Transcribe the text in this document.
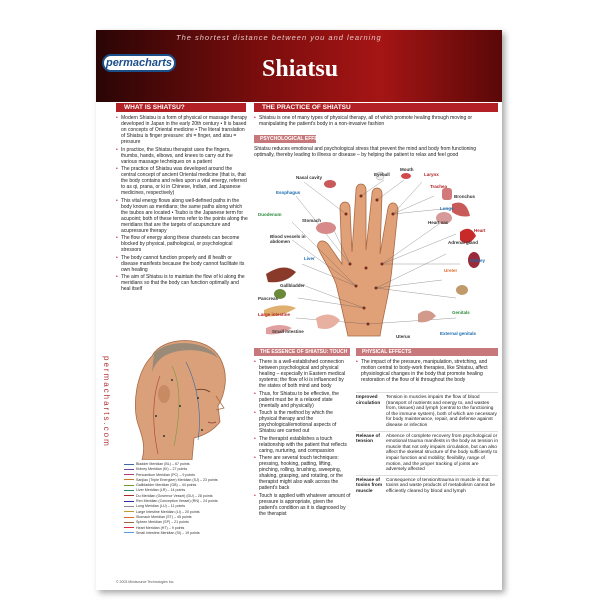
The shortest distance between you and learning
permacharts	Shiatsu
permacharts.com
WHAT IS SHIATSU?
• Modern Shiatsu is a form of physical or massage therapy developed in Japan in the early 20th century • It is based on concepts of Oriental medicine • The literal translation of Shiatsu is finger pressure: shi = finger, and atsu = pressure
• In practice, the Shiatsu therapist uses the fingers, thumbs, hands, elbows, and knees to carry out the various massage techniques on a patient
• The practice of Shiatsu was developed around the central concept of ancient Oriental medicine (that is, that the body contains and relies upon a vital energy, referred to as qi, prana, or ki in Chinese, Indian, and Japanese medicines, respectively)
• This vital energy flows along well-defined paths in the body known as meridians; the same paths along which the tsubos are located • Tsubo is the Japanese term for acupoint; both of these terms refer to the points along the meridians that are the targets of acupuncture and acupressure therapy
• The flow of energy along these channels can become blocked by physical, pathological, or psychological stressors
• The body cannot function properly and ill health or disease manifests because the body cannot facilitate its own healing
• The aim of Shiatsu is to maintain the flow of ki along the meridians so that the body can function optimally and heal itself
Bladder Meridian (BL) – 67 points
Kidney Meridian (KI) – 27 points
Pericardium Meridian (PC) – 9 points
Sanjiao (Triple Energizer) Meridian (SJ) – 23 points
Gallbladder Meridian (GB) – 44 points
Liver Meridian (LR) – 14 points
Du Meridian (Governor Vessel) (DU) – 28 points
Ren Meridian (Conception Vessel) (RN) – 24 points
Lung Meridian (LU) – 11 points
Large Intestine Meridian (LI) – 20 points
Stomach Meridian (ST) – 45 points
Spleen Meridian (SP) – 21 points
Heart Meridian (HT) – 9 points
Small Intestine Meridian (SI) – 19 points
© 2003 Mindsource Technologies Inc.
THE PRACTICE OF SHIATSU
• Shiatsu is one of many types of physical therapy, all of which promote healing through moving or manipulating the patient's body in a non-invasive fashion
PSYCHOLOGICAL EFFECTS
Shiatsu reduces emotional and psychological stress that prevent the mind and body from functioning optimally, thereby leading to illness or disease – by helping the patient to relax and feel good
Nasal cavity
Eyeball
Mouth
Larynx
Esophagus
Trachea
Bronchus
Duodenum
Stomach
Lungs
Heart sac
Heart
Blood vessels in abdomen	Adrenal gland
Liver	Kidney
Gallbladder
Ureter
Pancreas
Large intestine	Genitals
Small intestine
Uterus
External genitals
THE ESSENCE OF SHIATSU: TOUCH
• There is a well-established connection between psychological and physical healing – especially in Eastern medical systems; the flow of ki is influenced by the states of both mind and body
• Thus, for Shiatsu to be effective, the patient must be in a relaxed state (mentally and physically)
• Touch is the method by which the physical therapy and the psychological/emotional aspects of Shiatsu are carried out
• The therapist establishes a touch relationship with the patient that reflects caring, nurturing, and compassion
• There are several touch techniques: pressing, hooking, patting, lifting, pinching, rolling, brushing, sweeping, shaking, grasping, and rotating, or the therapist might also walk across the patient's back
• Touch is applied with whatever amount of pressure is appropriate, given the patient's condition as it is diagnosed by the therapist
PHYSICAL EFFECTS
• The impact of the pressure, manipulation, stretching, and motion central to body-work therapies, like Shiatsu, affect physiological changes in the body that promote healing restoration of the flow of ki throughout the body
Improved circulation
Tension in muscles impairs the flow of blood (transport of nutrients and energy to, and wastes from, tissues) and lymph (central to the functioning of the immune system), both of which are necessary for body maintenance, repair, and defense against disease or infection
Release of tension
Absence of complete recovery from psychological or emotional trauma manifests in the body as tension in muscle that not only impairs circulation, but can also affect the skeletal structure of the body sufficiently to impair function and mobility; flexibility, range of motion, and the proper tracking of joints are adversely affected
Release of toxins from muscle
Consequence of tension/trauma in muscle is that toxins and waste products of metabolism cannot be efficiently cleared by blood and lymph
